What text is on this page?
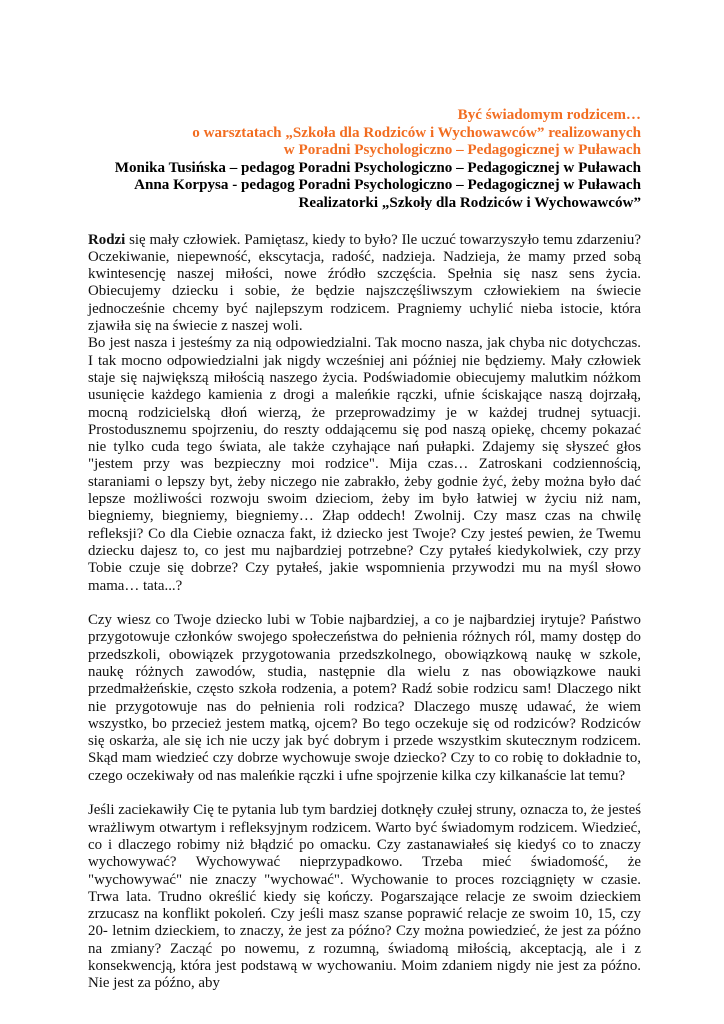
Być świadomym rodzicem…
o warsztatach „Szkoła dla Rodziców i Wychowawców” realizowanych
w Poradni Psychologiczno – Pedagogicznej w Puławach
Monika Tusińska – pedagog Poradni Psychologiczno – Pedagogicznej w Puławach
Anna Korpysa - pedagog Poradni Psychologiczno – Pedagogicznej w Puławach
Realizatorki „Szkoły dla Rodziców i Wychowawców”

Rodzi się mały człowiek. Pamiętasz, kiedy to było? Ile uczuć towarzyszyło temu zdarzeniu? Oczekiwanie, niepewność, ekscytacja, radość, nadzieja. Nadzieja, że mamy przed sobą kwintesencję naszej miłości, nowe źródło szczęścia. Spełnia się nasz sens życia. Obiecujemy dziecku i sobie, że będzie najszczęśliwszym człowiekiem na świecie jednocześnie chcemy być najlepszym rodzicem. Pragniemy uchylić nieba istocie, która zjawiła się na świecie z naszej woli.

Bo jest nasza i jesteśmy za nią odpowiedzialni. Tak mocno nasza, jak chyba nic dotychczas. I tak mocno odpowiedzialni jak nigdy wcześniej ani później nie będziemy. Mały człowiek staje się największą miłością naszego życia. Podświadomie obiecujemy malutkim nóżkom usunięcie każdego kamienia z drogi a maleńkie rączki, ufnie ściskające naszą dojrzałą, mocną rodzicielską dłoń wierzą, że przeprowadzimy je w każdej trudnej sytuacji. Prostodusznemu spojrzeniu, do reszty oddającemu się pod naszą opiekę, chcemy pokazać nie tylko cuda tego świata, ale także czyhające nań pułapki. Zdajemy się słyszeć głos "jestem przy was bezpieczny moi rodzice". Mija czas… Zatroskani codziennością, staraniami o lepszy byt, żeby niczego nie zabrakło, żeby godnie żyć, żeby można było dać lepsze możliwości rozwoju swoim dzieciom, żeby im było łatwiej w życiu niż nam, biegniemy, biegniemy, biegniemy… Złap oddech! Zwolnij. Czy masz czas na chwilę refleksji? Co dla Ciebie oznacza fakt, iż dziecko jest Twoje? Czy jesteś pewien, że Twemu dziecku dajesz to, co jest mu najbardziej potrzebne? Czy pytałeś kiedykolwiek, czy przy Tobie czuje się dobrze? Czy pytałeś, jakie wspomnienia przywodzi mu na myśl słowo mama… tata...?

Czy wiesz co Twoje dziecko lubi w Tobie najbardziej, a co je najbardziej irytuje? Państwo przygotowuje członków swojego społeczeństwa do pełnienia różnych ról, mamy dostęp do przedszkoli, obowiązek przygotowania przedszkolnego, obowiązkową naukę w szkole, naukę różnych zawodów, studia, następnie dla wielu z nas obowiązkowe nauki przedmałżeńskie, często szkoła rodzenia, a potem? Radź sobie rodzicu sam! Dlaczego nikt nie przygotowuje nas do pełnienia roli rodzica? Dlaczego muszę udawać, że wiem wszystko, bo przecież jestem matką, ojcem? Bo tego oczekuje się od rodziców? Rodziców się oskarża, ale się ich nie uczy jak być dobrym i przede wszystkim skutecznym rodzicem. Skąd mam wiedzieć czy dobrze wychowuje swoje dziecko? Czy to co robię to dokładnie to, czego oczekiwały od nas maleńkie rączki i ufne spojrzenie kilka czy kilkanaście lat temu?

Jeśli zaciekawiły Cię te pytania lub tym bardziej dotknęły czułej struny, oznacza to, że jesteś wrażliwym otwartym i refleksyjnym rodzicem. Warto być świadomym rodzicem. Wiedzieć, co i dlaczego robimy niż błądzić po omacku. Czy zastanawiałeś się kiedyś co to znaczy wychowywać? Wychowywać nieprzypadkowo. Trzeba mieć świadomość, że "wychowywać" nie znaczy "wychować". Wychowanie to proces rozciągnięty w czasie. Trwa lata. Trudno określić kiedy się kończy. Pogarszające relacje ze swoim dzieckiem zrzucasz na konflikt pokoleń. Czy jeśli masz szanse poprawić relacje ze swoim 10, 15, czy 20- letnim dzieckiem, to znaczy, że jest za późno? Czy można powiedzieć, że jest za późno na zmiany? Zacząć po nowemu, z rozumną, świadomą miłością, akceptacją, ale i z konsekwencją, która jest podstawą w wychowaniu. Moim zdaniem nigdy nie jest za późno. Nie jest za późno, aby
